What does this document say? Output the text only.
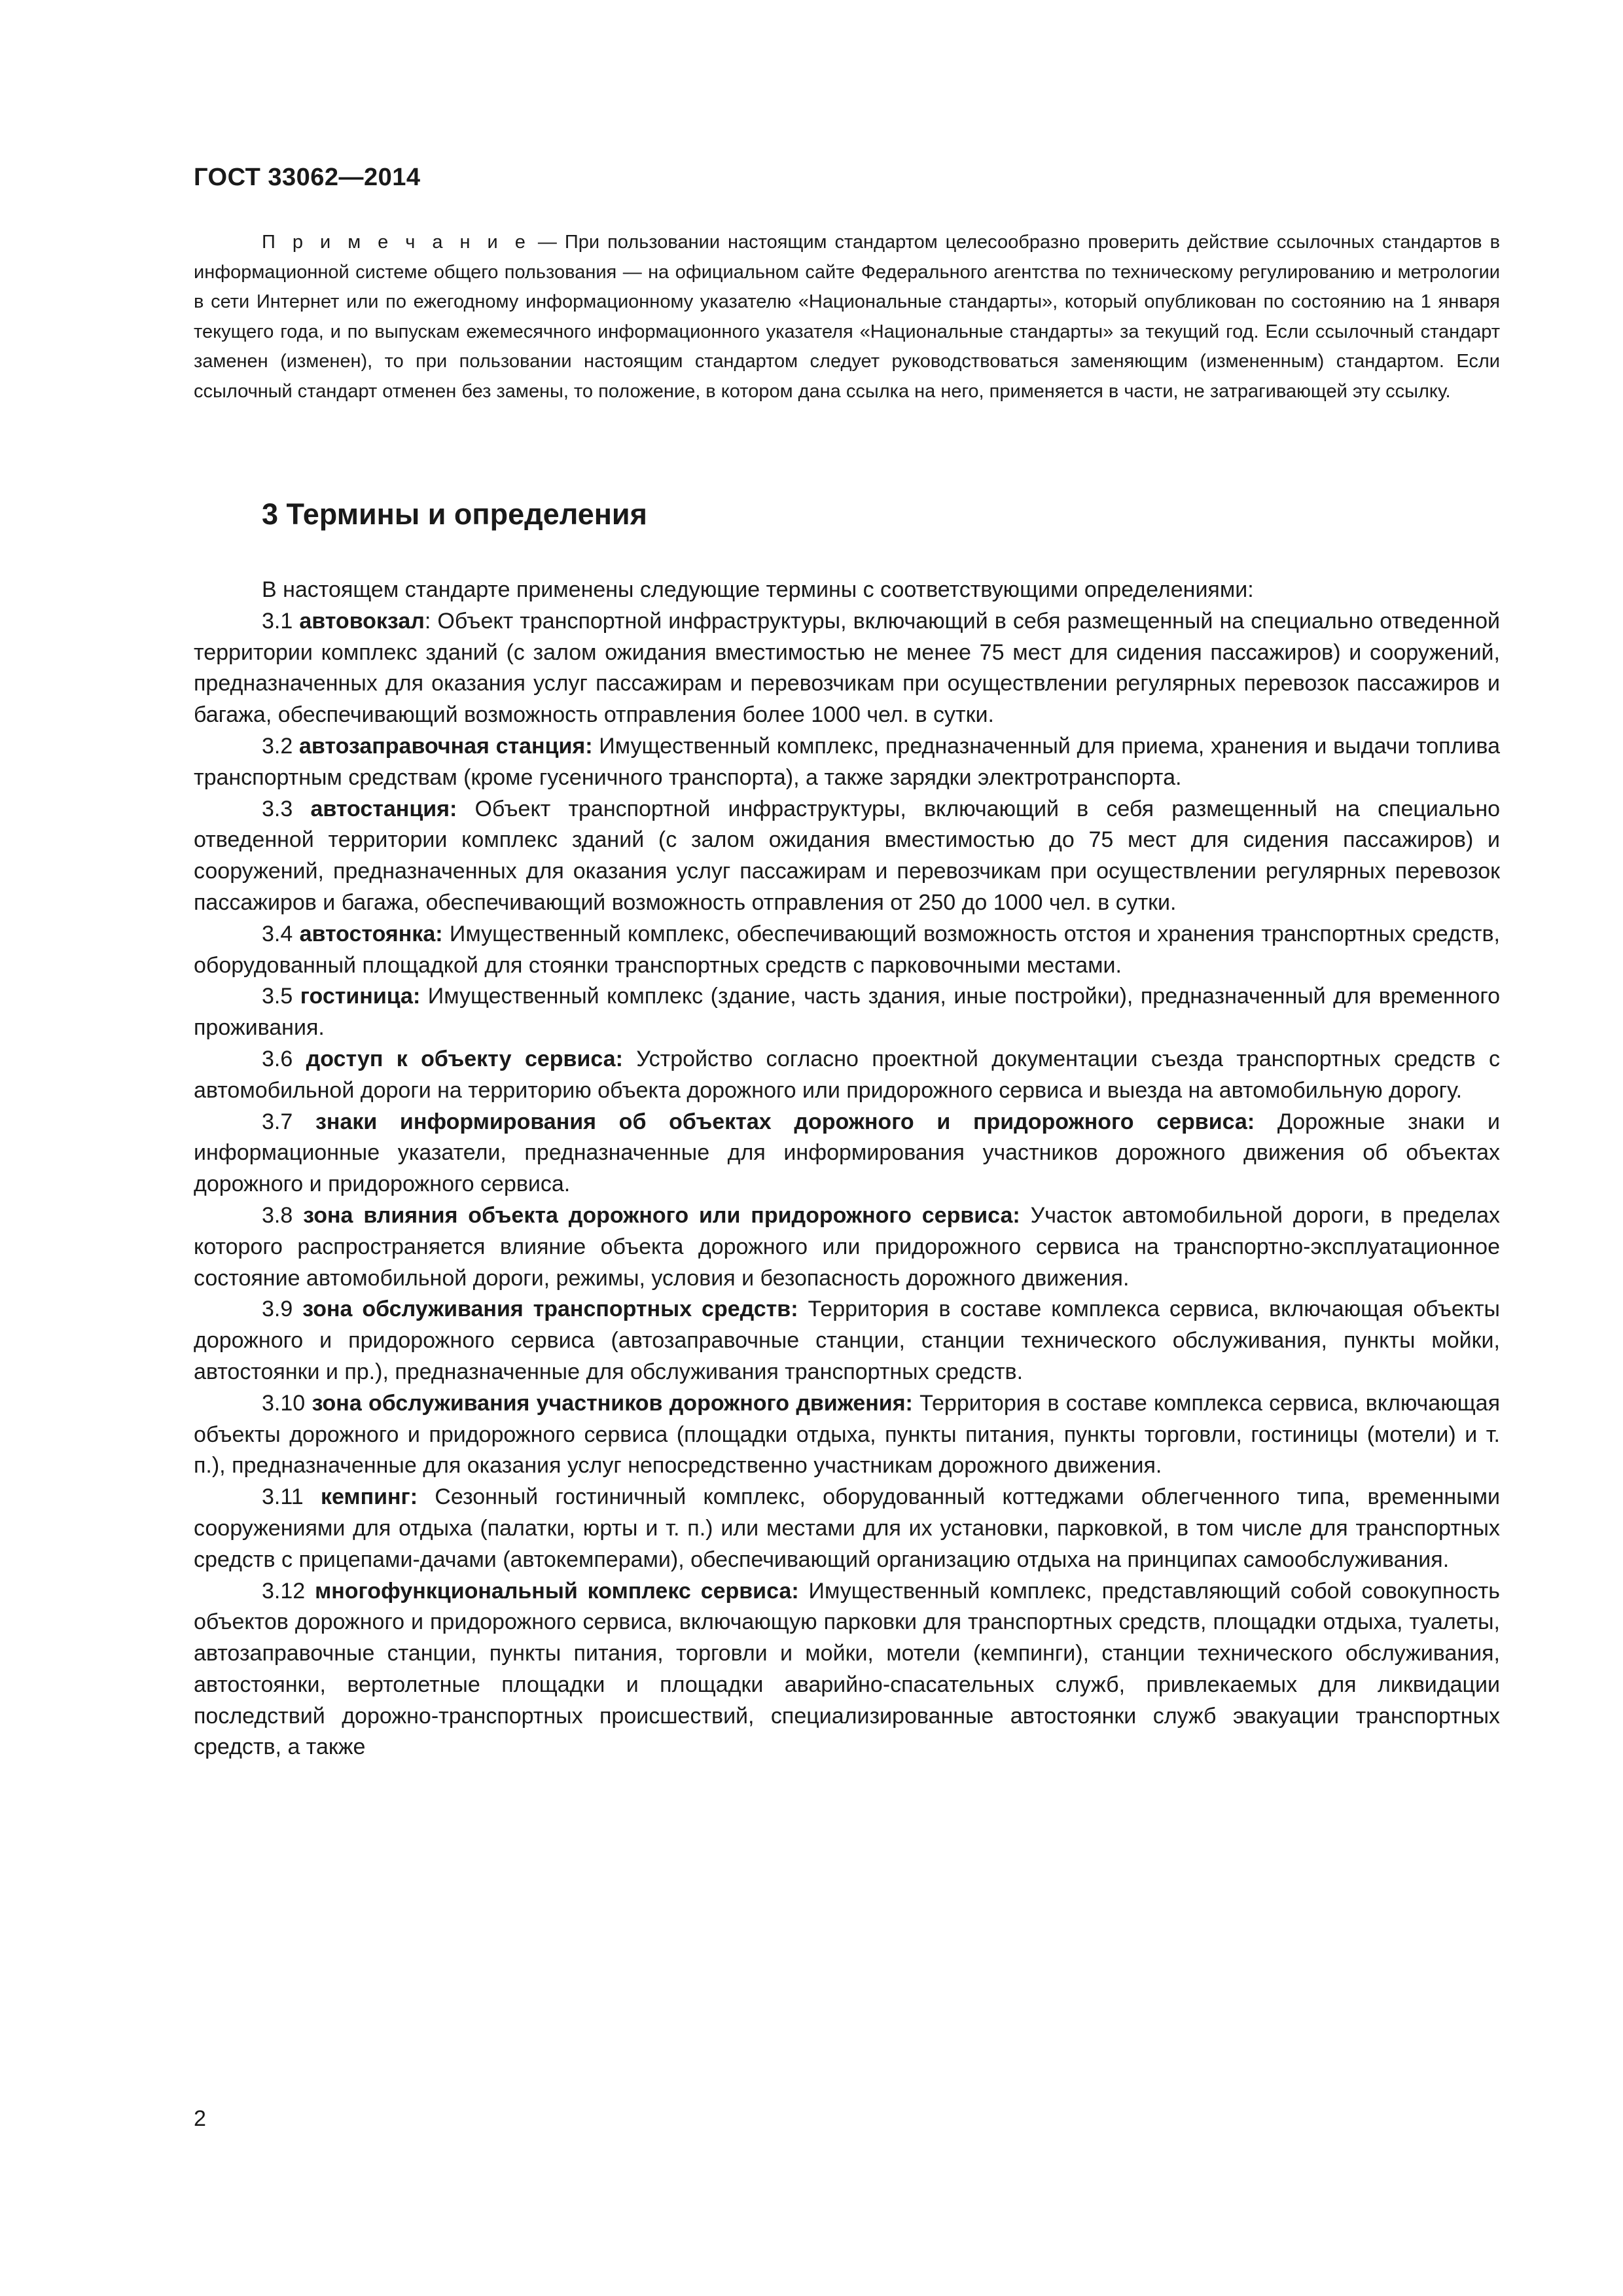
ГОСТ 33062—2014

П р и м е ч а н и е — При пользовании настоящим стандартом целесообразно проверить действие ссылочных стандартов в информационной системе общего пользования — на официальном сайте Федерального агентства по техническому регулированию и метрологии в сети Интернет или по ежегодному информационному указателю «Национальные стандарты», который опубликован по состоянию на 1 января текущего года, и по выпускам ежемесячного информационного указателя «Национальные стандарты» за текущий год. Если ссылочный стандарт заменен (изменен), то при пользовании настоящим стандартом следует руководствоваться заменяющим (измененным) стандартом. Если ссылочный стандарт отменен без замены, то положение, в котором дана ссылка на него, применяется в части, не затрагивающей эту ссылку.

3 Термины и определения

В настоящем стандарте применены следующие термины с соответствующими определениями:

3.1 автовокзал: Объект транспортной инфраструктуры, включающий в себя размещенный на специально отведенной территории комплекс зданий (с залом ожидания вместимостью не менее 75 мест для сидения пассажиров) и сооружений, предназначенных для оказания услуг пассажирам и перевозчикам при осуществлении регулярных перевозок пассажиров и багажа, обеспечивающий возможность отправления более 1000 чел. в сутки.

3.2 автозаправочная станция: Имущественный комплекс, предназначенный для приема, хранения и выдачи топлива транспортным средствам (кроме гусеничного транспорта), а также зарядки электротранспорта.

3.3 автостанция: Объект транспортной инфраструктуры, включающий в себя размещенный на специально отведенной территории комплекс зданий (с залом ожидания вместимостью до 75 мест для сидения пассажиров) и сооружений, предназначенных для оказания услуг пассажирам и перевозчикам при осуществлении регулярных перевозок пассажиров и багажа, обеспечивающий возможность отправления от 250 до 1000 чел. в сутки.

3.4 автостоянка: Имущественный комплекс, обеспечивающий возможность отстоя и хранения транспортных средств, оборудованный площадкой для стоянки транспортных средств с парковочными местами.

3.5 гостиница: Имущественный комплекс (здание, часть здания, иные постройки), предназначенный для временного проживания.

3.6 доступ к объекту сервиса: Устройство согласно проектной документации съезда транспортных средств с автомобильной дороги на территорию объекта дорожного или придорожного сервиса и выезда на автомобильную дорогу.

3.7 знаки информирования об объектах дорожного и придорожного сервиса: Дорожные знаки и информационные указатели, предназначенные для информирования участников дорожного движения об объектах дорожного и придорожного сервиса.

3.8 зона влияния объекта дорожного или придорожного сервиса: Участок автомобильной дороги, в пределах которого распространяется влияние объекта дорожного или придорожного сервиса на транспортно-эксплуатационное состояние автомобильной дороги, режимы, условия и безопасность дорожного движения.

3.9 зона обслуживания транспортных средств: Территория в составе комплекса сервиса, включающая объекты дорожного и придорожного сервиса (автозаправочные станции, станции технического обслуживания, пункты мойки, автостоянки и пр.), предназначенные для обслуживания транспортных средств.

3.10 зона обслуживания участников дорожного движения: Территория в составе комплекса сервиса, включающая объекты дорожного и придорожного сервиса (площадки отдыха, пункты питания, пункты торговли, гостиницы (мотели) и т. п.), предназначенные для оказания услуг непосредственно участникам дорожного движения.

3.11 кемпинг: Сезонный гостиничный комплекс, оборудованный коттеджами облегченного типа, временными сооружениями для отдыха (палатки, юрты и т. п.) или местами для их установки, парковкой, в том числе для транспортных средств с прицепами-дачами (автокемперами), обеспечивающий организацию отдыха на принципах самообслуживания.

3.12 многофункциональный комплекс сервиса: Имущественный комплекс, представляющий собой совокупность объектов дорожного и придорожного сервиса, включающую парковки для транспортных средств, площадки отдыха, туалеты, автозаправочные станции, пункты питания, торговли и мойки, мотели (кемпинги), станции технического обслуживания, автостоянки, вертолетные площадки и площадки аварийно-спасательных служб, привлекаемых для ликвидации последствий дорожно-транспортных происшествий, специализированные автостоянки служб эвакуации транспортных средств, а также

2
